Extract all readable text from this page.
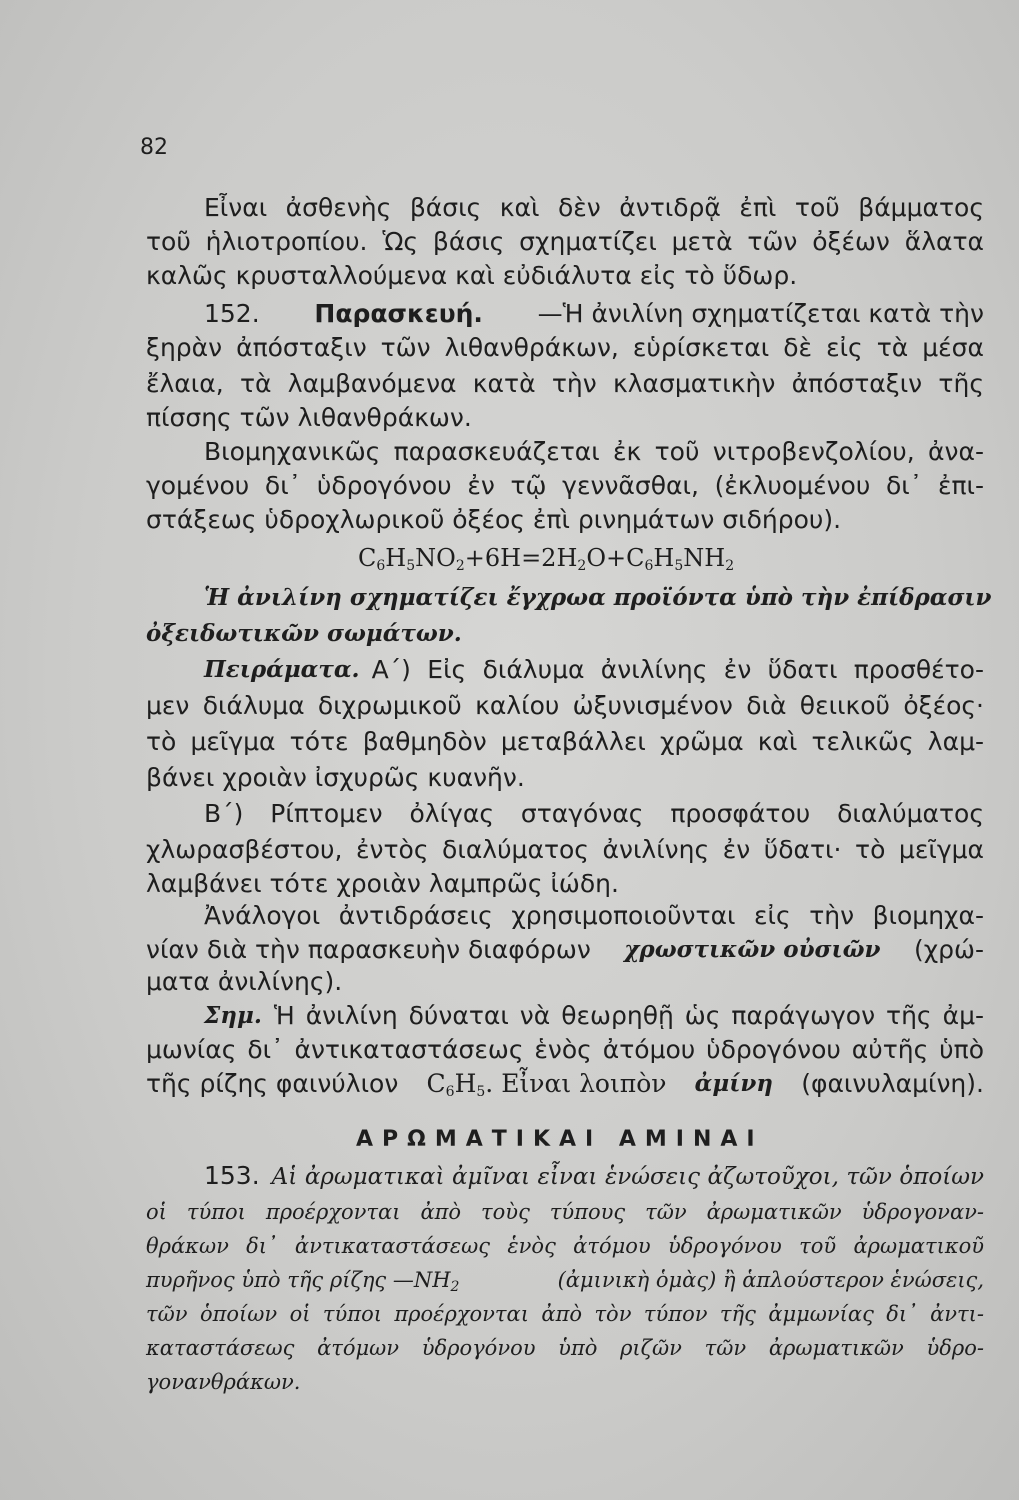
82
Εἶναι ἀσθενὴς βάσις καὶ δὲν ἀντιδρᾷ ἐπὶ τοῦ βάμματος
τοῦ ἡλιοτροπίου. Ὡς βάσις σχηματίζει μετὰ τῶν ὀξέων ἅλατα
καλῶς κρυσταλλούμενα καὶ εὐδιάλυτα εἰς τὸ ὕδωρ.
152. Παρασκευή. —Ἡ ἀνιλίνη σχηματίζεται κατὰ τὴν
ξηρὰν ἀπόσταξιν τῶν λιθανθράκων, εὑρίσκεται δὲ εἰς τὰ μέσα
ἔλαια, τὰ λαμβανόμενα κατὰ τὴν κλασματικὴν ἀπόσταξιν τῆς
πίσσης τῶν λιθανθράκων.
Βιομηχανικῶς παρασκευάζεται ἐκ τοῦ νιτροβενζολίου, ἀνα-
γομένου δι᾽ ὑδρογόνου ἐν τῷ γεννᾶσθαι, (ἐκλυομένου δι᾽ ἐπι-
στάξεως ὑδροχλωρικοῦ ὀξέος ἐπὶ ρινημάτων σιδήρου).
$C_6H_5NO_2+6H=2H_2O+C_6H_5NH_2$
Ἡ ἀνιλίνη σχηματίζει ἔγχρωα προϊόντα ὑπὸ τὴν ἐπίδρασιν
ὀξειδωτικῶν σωμάτων.
Πειράματα. Α΄) Εἰς διάλυμα ἀνιλίνης ἐν ὕδατι προσθέτο-
μεν διάλυμα διχρωμικοῦ καλίου ὠξυνισμένον διὰ θειικοῦ ὀξέος·
τὸ μεῖγμα τότε βαθμηδὸν μεταβάλλει χρῶμα καὶ τελικῶς λαμ-
βάνει χροιὰν ἰσχυρῶς κυανῆν.
Β΄) Ρίπτομεν ὀλίγας σταγόνας προσφάτου διαλύματος
χλωρασβέστου, ἐντὸς διαλύματος ἀνιλίνης ἐν ὕδατι· τὸ μεῖγμα
λαμβάνει τότε χροιὰν λαμπρῶς ἰώδη.
Ἀνάλογοι ἀντιδράσεις χρησιμοποιοῦνται εἰς τὴν βιομηχα-
νίαν διὰ τὴν παρασκευὴν διαφόρων χρωστικῶν οὐσιῶν (χρώ-
ματα ἀνιλίνης).
Σημ. Ἡ ἀνιλίνη δύναται νὰ θεωρηθῇ ὡς παράγωγον τῆς ἀμ-
μωνίας δι᾽ ἀντικαταστάσεως ἑνὸς ἀτόμου ὑδρογόνου αὐτῆς ὑπὸ
τῆς ρίζης φαινύλιον $C_6H_5$. Εἶναι λοιπὸν ἀμίνη (φαινυλαμίνη).
ΑΡΩΜΑΤΙΚΑΙ ΑΜΙΝΑΙ
153. Αἱ ἀρωματικαὶ ἀμῖναι εἶναι ἑνώσεις ἀζωτοῦχοι, τῶν ὁποίων
οἱ τύποι προέρχονται ἀπὸ τοὺς τύπους τῶν ἀρωματικῶν ὑδρογοναν-
θράκων δι᾽ ἀντικαταστάσεως ἑνὸς ἀτόμου ὑδρογόνου τοῦ ἀρωματικοῦ
πυρῆνος ὑπὸ τῆς ρίζης $—NH_2$	(ἀμινικὴ ὁμὰς) ἢ ἁπλούστερον ἑνώσεις,
τῶν ὁποίων οἱ τύποι προέρχονται ἀπὸ τὸν τύπον τῆς ἀμμωνίας δι᾽ ἀντι-
καταστάσεως ἀτόμων ὑδρογόνου ὑπὸ ριζῶν τῶν ἀρωματικῶν ὑδρο-
γονανθράκων.
